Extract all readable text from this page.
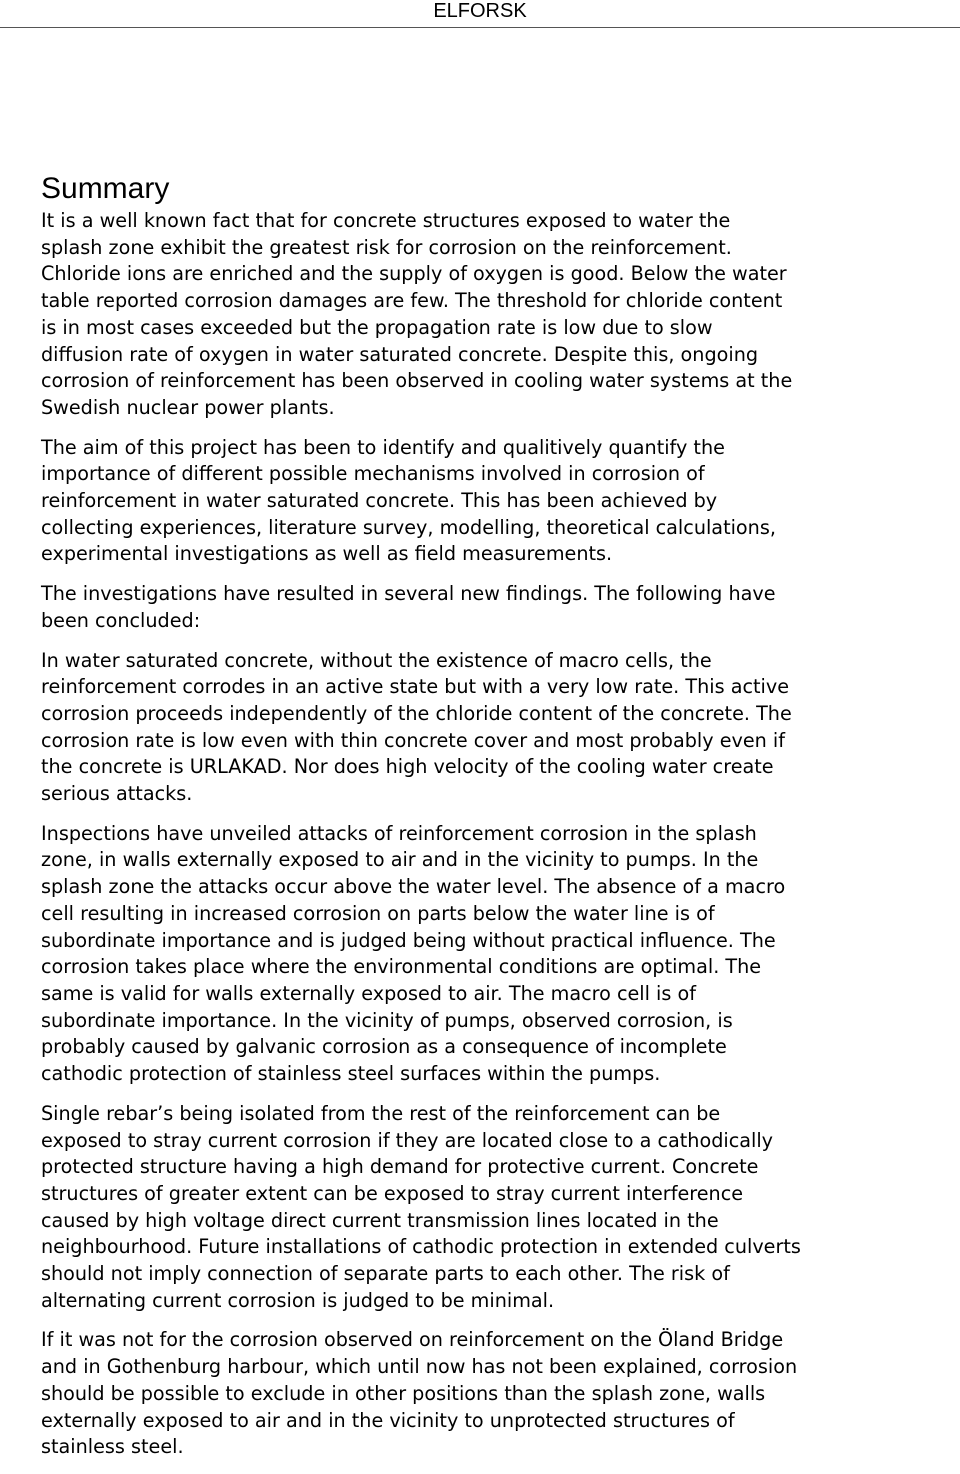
ELFORSK
Summary

It is a well known fact that for concrete structures exposed to water the
splash zone exhibit the greatest risk for corrosion on the reinforcement.
Chloride ions are enriched and the supply of oxygen is good. Below the water
table reported corrosion damages are few. The threshold for chloride content
is in most cases exceeded but the propagation rate is low due to slow
diffusion rate of oxygen in water saturated concrete. Despite this, ongoing
corrosion of reinforcement has been observed in cooling water systems at the
Swedish nuclear power plants.

The aim of this project has been to identify and qualitively quantify the
importance of different possible mechanisms involved in corrosion of
reinforcement in water saturated concrete. This has been achieved by
collecting experiences, literature survey, modelling, theoretical calculations,
experimental investigations as well as field measurements.

The investigations have resulted in several new findings. The following have
been concluded:

In water saturated concrete, without the existence of macro cells, the
reinforcement corrodes in an active state but with a very low rate. This active
corrosion proceeds independently of the chloride content of the concrete. The
corrosion rate is low even with thin concrete cover and most probably even if
the concrete is URLAKAD. Nor does high velocity of the cooling water create
serious attacks.

Inspections have unveiled attacks of reinforcement corrosion in the splash
zone, in walls externally exposed to air and in the vicinity to pumps. In the
splash zone the attacks occur above the water level. The absence of a macro
cell resulting in increased corrosion on parts below the water line is of
subordinate importance and is judged being without practical influence. The
corrosion takes place where the environmental conditions are optimal. The
same is valid for walls externally exposed to air. The macro cell is of
subordinate importance. In the vicinity of pumps, observed corrosion, is
probably caused by galvanic corrosion as a consequence of incomplete
cathodic protection of stainless steel surfaces within the pumps.

Single rebar’s being isolated from the rest of the reinforcement can be
exposed to stray current corrosion if they are located close to a cathodically
protected structure having a high demand for protective current. Concrete
structures of greater extent can be exposed to stray current interference
caused by high voltage direct current transmission lines located in the
neighbourhood. Future installations of cathodic protection in extended culverts
should not imply connection of separate parts to each other. The risk of
alternating current corrosion is judged to be minimal.

If it was not for the corrosion observed on reinforcement on the Öland Bridge
and in Gothenburg harbour, which until now has not been explained, corrosion
should be possible to exclude in other positions than the splash zone, walls
externally exposed to air and in the vicinity to unprotected structures of
stainless steel.
